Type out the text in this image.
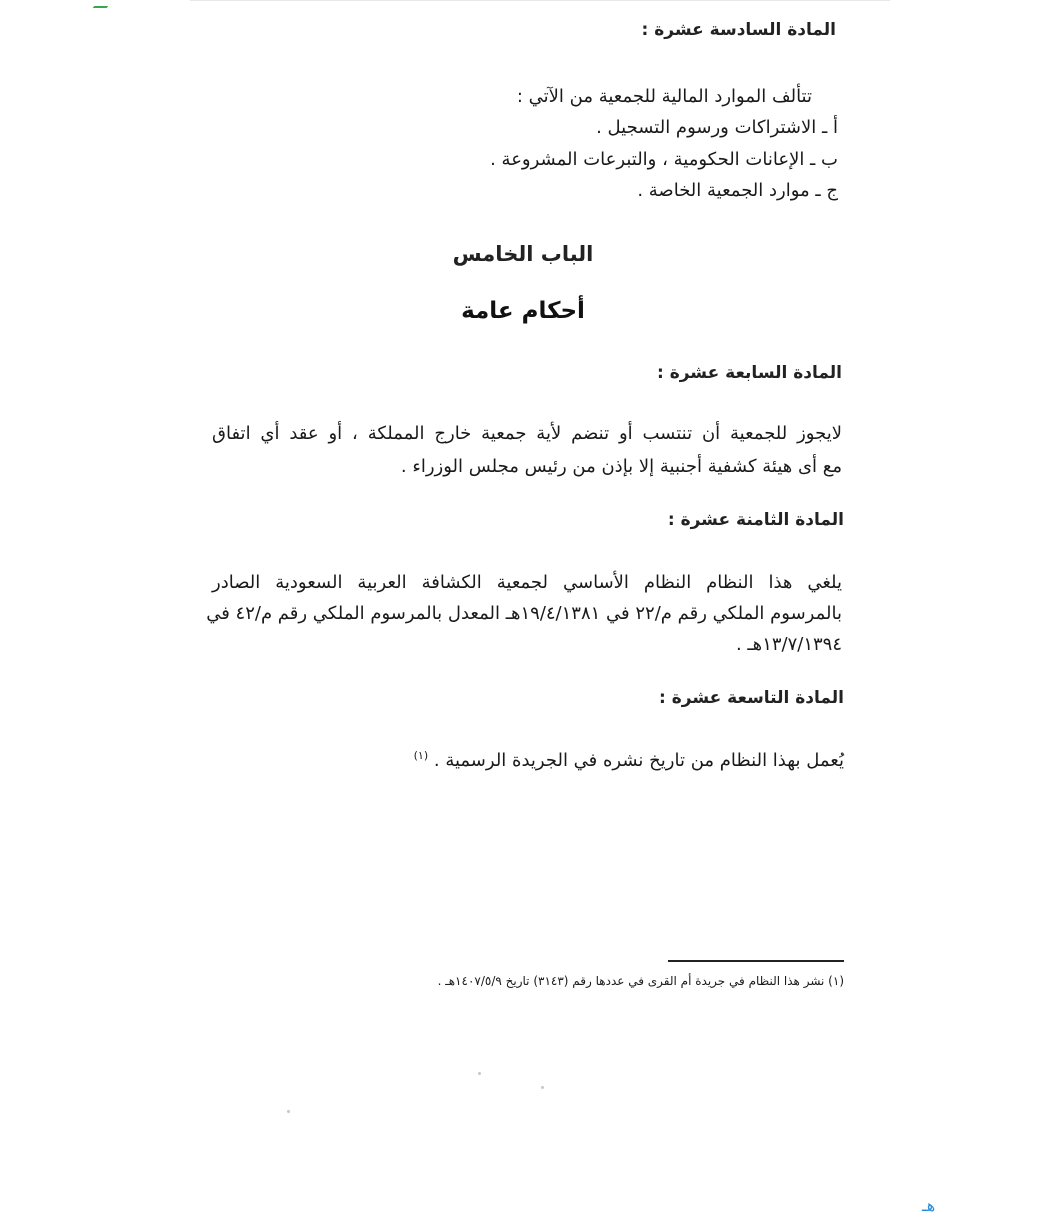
المادة السادسة عشرة :
تتألف الموارد المالية للجمعية من الآتي :
أ ـ الاشتراكات ورسوم التسجيل .
ب ـ الإعانات الحكومية ، والتبرعات المشروعة .
ج ـ موارد الجمعية الخاصة .
الباب الخامس
أحكام عامة
المادة السابعة عشرة :
لايجوز للجمعية أن تنتسب أو تنضم لأية جمعية خارج المملكة ، أو عقد أي اتفاق
مع أى هيئة كشفية أجنبية إلا بإذن من رئيس مجلس الوزراء .
المادة الثامنة عشرة :
يلغي هذا النظام النظام الأساسي لجمعية الكشافة العربية السعودية الصادر
بالمرسوم الملكي رقم م/٢٢ في ١٩/٤/١٣٨١هـ المعدل بالمرسوم الملكي رقم م/٤٢ في
١٣/٧/١٣٩٤هـ .
المادة التاسعة عشرة :
يُعمل بهذا النظام من تاريخ نشره في الجريدة الرسمية . $^{(١)}$
(١) نشر هذا النظام في جريدة أم القرى في عددها رقم (٣١٤٣) تاريخ ١٤٠٧/٥/٩هـ .
هـ
